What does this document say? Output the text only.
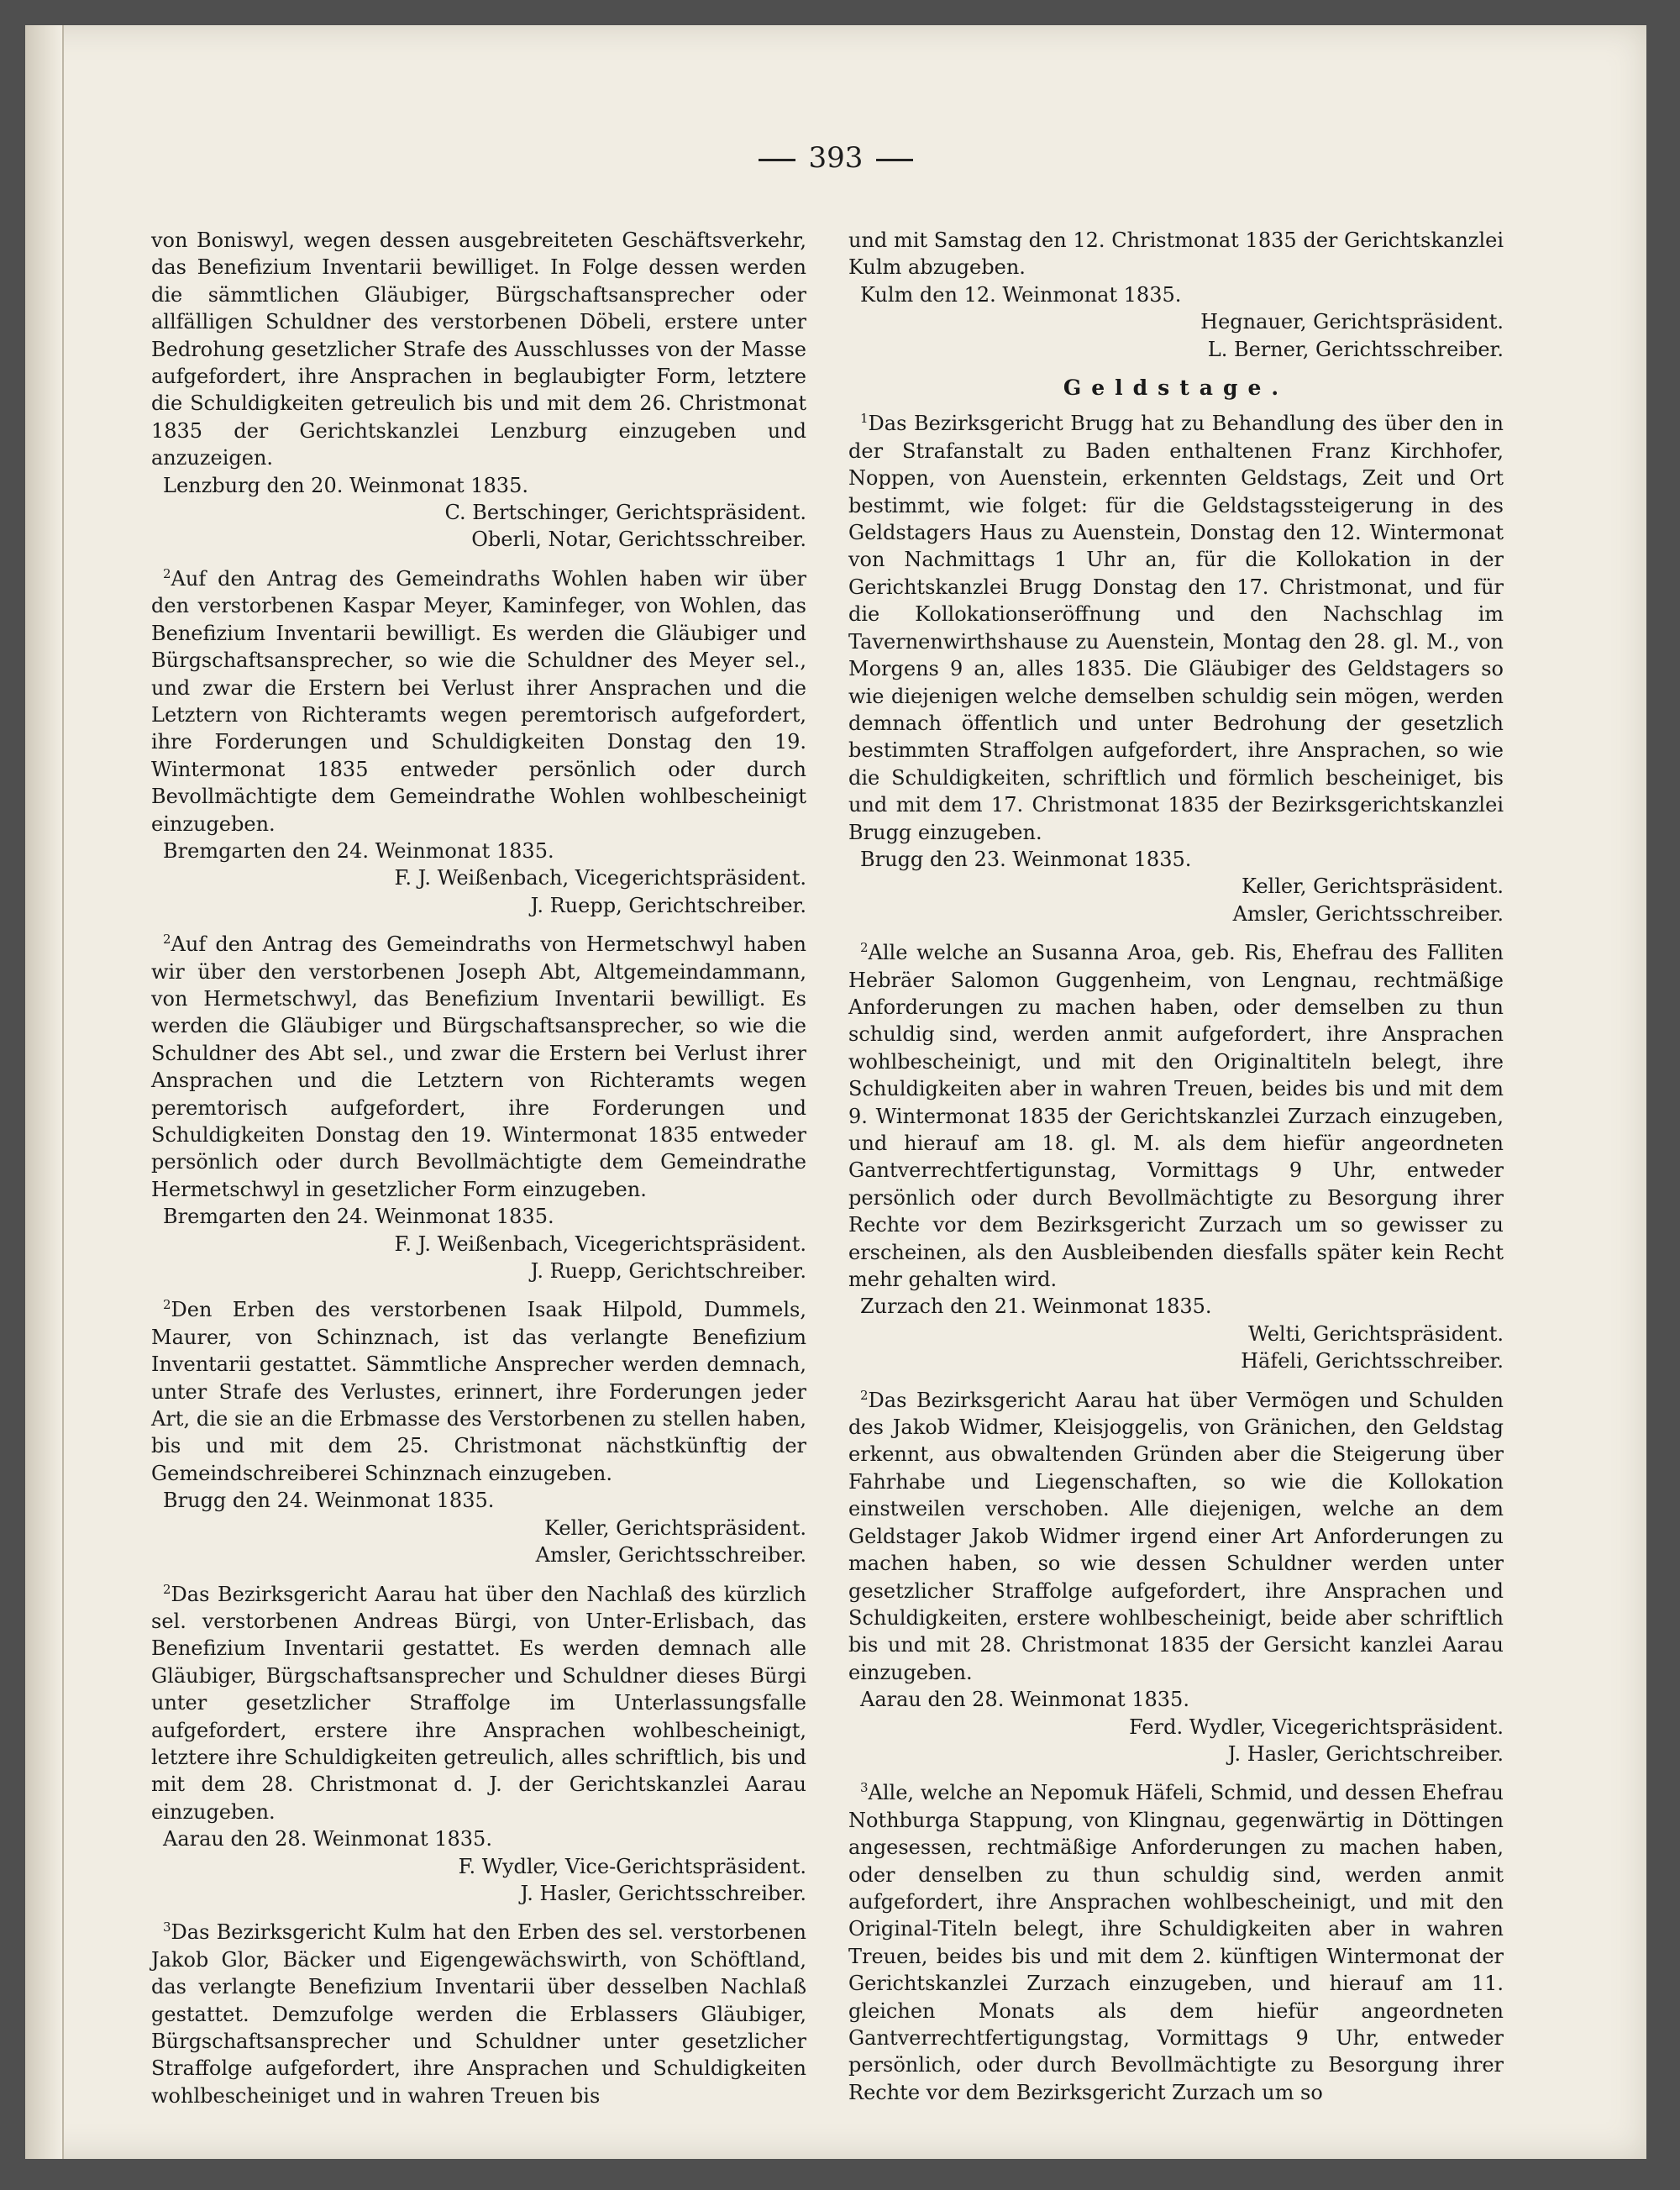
393

von Boniswyl, wegen dessen ausgebreiteten Geschäftsverkehr, das Benefizium Inventarii bewilliget. In Folge dessen werden die sämmtlichen Gläubiger, Bürgschaftsansprecher oder allfälligen Schuldner des verstorbenen Döbeli, erstere unter Bedrohung gesetzlicher Strafe des Ausschlusses von der Masse aufgefordert, ihre Ansprachen in beglaubigter Form, letztere die Schuldigkeiten getreulich bis und mit dem 26. Christmonat 1835 der Gerichtskanzlei Lenzburg einzugeben und anzuzeigen.

Lenzburg den 20. Weinmonat 1835.

C. Bertschinger, Gerichtspräsident.

Oberli, Notar, Gerichtsschreiber.

$^2$Auf den Antrag des Gemeindraths Wohlen haben wir über den verstorbenen Kaspar Meyer, Kaminfeger, von Wohlen, das Benefizium Inventarii bewilligt. Es werden die Gläubiger und Bürgschaftsansprecher, so wie die Schuldner des Meyer sel., und zwar die Erstern bei Verlust ihrer Ansprachen und die Letztern von Richteramts wegen peremtorisch aufgefordert, ihre Forderungen und Schuldigkeiten Donstag den 19. Wintermonat 1835 entweder persönlich oder durch Bevollmächtigte dem Gemeindrathe Wohlen wohlbescheinigt einzugeben.

Bremgarten den 24. Weinmonat 1835.

F. J. Weißenbach, Vicegerichtspräsident.

J. Ruepp, Gerichtschreiber.

$^2$Auf den Antrag des Gemeindraths von Hermetschwyl haben wir über den verstorbenen Joseph Abt, Altgemeindammann, von Hermetschwyl, das Benefizium Inventarii bewilligt. Es werden die Gläubiger und Bürgschaftsansprecher, so wie die Schuldner des Abt sel., und zwar die Erstern bei Verlust ihrer Ansprachen und die Letztern von Richteramts wegen peremtorisch aufgefordert, ihre Forderungen und Schuldigkeiten Donstag den 19. Wintermonat 1835 entweder persönlich oder durch Bevollmächtigte dem Gemeindrathe Hermetschwyl in gesetzlicher Form einzugeben.

Bremgarten den 24. Weinmonat 1835.

F. J. Weißenbach, Vicegerichtspräsident.

J. Ruepp, Gerichtschreiber.

$^2$Den Erben des verstorbenen Isaak Hilpold, Dummels, Maurer, von Schinznach, ist das verlangte Benefizium Inventarii gestattet. Sämmtliche Ansprecher werden demnach, unter Strafe des Verlustes, erinnert, ihre Forderungen jeder Art, die sie an die Erbmasse des Verstorbenen zu stellen haben, bis und mit dem 25. Christmonat nächstkünftig der Gemeindschreiberei Schinznach einzugeben.

Brugg den 24. Weinmonat 1835.

Keller, Gerichtspräsident.

Amsler, Gerichtsschreiber.

$^2$Das Bezirksgericht Aarau hat über den Nachlaß des kürzlich sel. verstorbenen Andreas Bürgi, von Unter-Erlisbach, das Benefizium Inventarii gestattet. Es werden demnach alle Gläubiger, Bürgschaftsansprecher und Schuldner dieses Bürgi unter gesetzlicher Straffolge im Unterlassungsfalle aufgefordert, erstere ihre Ansprachen wohlbescheinigt, letztere ihre Schuldigkeiten getreulich, alles schriftlich, bis und mit dem 28. Christmonat d. J. der Gerichtskanzlei Aarau einzugeben.

Aarau den 28. Weinmonat 1835.

F. Wydler, Vice-Gerichtspräsident.

J. Hasler, Gerichtsschreiber.

$^3$Das Bezirksgericht Kulm hat den Erben des sel. verstorbenen Jakob Glor, Bäcker und Eigengewächswirth, von Schöftland, das verlangte Benefizium Inventarii über desselben Nachlaß gestattet. Demzufolge werden die Erblassers Gläubiger, Bürgschaftsansprecher und Schuldner unter gesetzlicher Straffolge aufgefordert, ihre Ansprachen und Schuldigkeiten wohlbescheiniget und in wahren Treuen bis

und mit Samstag den 12. Christmonat 1835 der Gerichtskanzlei Kulm abzugeben.

Kulm den 12. Weinmonat 1835.

Hegnauer, Gerichtspräsident.

L. Berner, Gerichtsschreiber.

Geldstage.

$^1$Das Bezirksgericht Brugg hat zu Behandlung des über den in der Strafanstalt zu Baden enthaltenen Franz Kirchhofer, Noppen, von Auenstein, erkennten Geldstags, Zeit und Ort bestimmt, wie folget: für die Geldstagssteigerung in des Geldstagers Haus zu Auenstein, Donstag den 12. Wintermonat von Nachmittags 1 Uhr an, für die Kollokation in der Gerichtskanzlei Brugg Donstag den 17. Christmonat, und für die Kollokationseröffnung und den Nachschlag im Tavernenwirthshause zu Auenstein, Montag den 28. gl. M., von Morgens 9 an, alles 1835. Die Gläubiger des Geldstagers so wie diejenigen welche demselben schuldig sein mögen, werden demnach öffentlich und unter Bedrohung der gesetzlich bestimmten Straffolgen aufgefordert, ihre Ansprachen, so wie die Schuldigkeiten, schriftlich und förmlich bescheiniget, bis und mit dem 17. Christmonat 1835 der Bezirksgerichtskanzlei Brugg einzugeben.

Brugg den 23. Weinmonat 1835.

Keller, Gerichtspräsident.

Amsler, Gerichtsschreiber.

$^2$Alle welche an Susanna Aroa, geb. Ris, Ehefrau des Falliten Hebräer Salomon Guggenheim, von Lengnau, rechtmäßige Anforderungen zu machen haben, oder demselben zu thun schuldig sind, werden anmit aufgefordert, ihre Ansprachen wohlbescheinigt, und mit den Originaltiteln belegt, ihre Schuldigkeiten aber in wahren Treuen, beides bis und mit dem 9. Wintermonat 1835 der Gerichtskanzlei Zurzach einzugeben, und hierauf am 18. gl. M. als dem hiefür angeordneten Gantverrechtfertigunstag, Vormittags 9 Uhr, entweder persönlich oder durch Bevollmächtigte zu Besorgung ihrer Rechte vor dem Bezirksgericht Zurzach um so gewisser zu erscheinen, als den Ausbleibenden diesfalls später kein Recht mehr gehalten wird.

Zurzach den 21. Weinmonat 1835.

Welti, Gerichtspräsident.

Häfeli, Gerichtsschreiber.

$^2$Das Bezirksgericht Aarau hat über Vermögen und Schulden des Jakob Widmer, Kleisjoggelis, von Gränichen, den Geldstag erkennt, aus obwaltenden Gründen aber die Steigerung über Fahrhabe und Liegenschaften, so wie die Kollokation einstweilen verschoben. Alle diejenigen, welche an dem Geldstager Jakob Widmer irgend einer Art Anforderungen zu machen haben, so wie dessen Schuldner werden unter gesetzlicher Straffolge aufgefordert, ihre Ansprachen und Schuldigkeiten, erstere wohlbescheinigt, beide aber schriftlich bis und mit 28. Christmonat 1835 der Gersicht kanzlei Aarau einzugeben.

Aarau den 28. Weinmonat 1835.

Ferd. Wydler, Vicegerichtspräsident.

J. Hasler, Gerichtschreiber.

$^3$Alle, welche an Nepomuk Häfeli, Schmid, und dessen Ehefrau Nothburga Stappung, von Klingnau, gegenwärtig in Döttingen angesessen, rechtmäßige Anforderungen zu machen haben, oder denselben zu thun schuldig sind, werden anmit aufgefordert, ihre Ansprachen wohlbescheinigt, und mit den Original-Titeln belegt, ihre Schuldigkeiten aber in wahren Treuen, beides bis und mit dem 2. künftigen Wintermonat der Gerichtskanzlei Zurzach einzugeben, und hierauf am 11. gleichen Monats als dem hiefür angeordneten Gantverrechtfertigungstag, Vormittags 9 Uhr, entweder persönlich, oder durch Bevollmächtigte zu Besorgung ihrer Rechte vor dem Bezirksgericht Zurzach um so
